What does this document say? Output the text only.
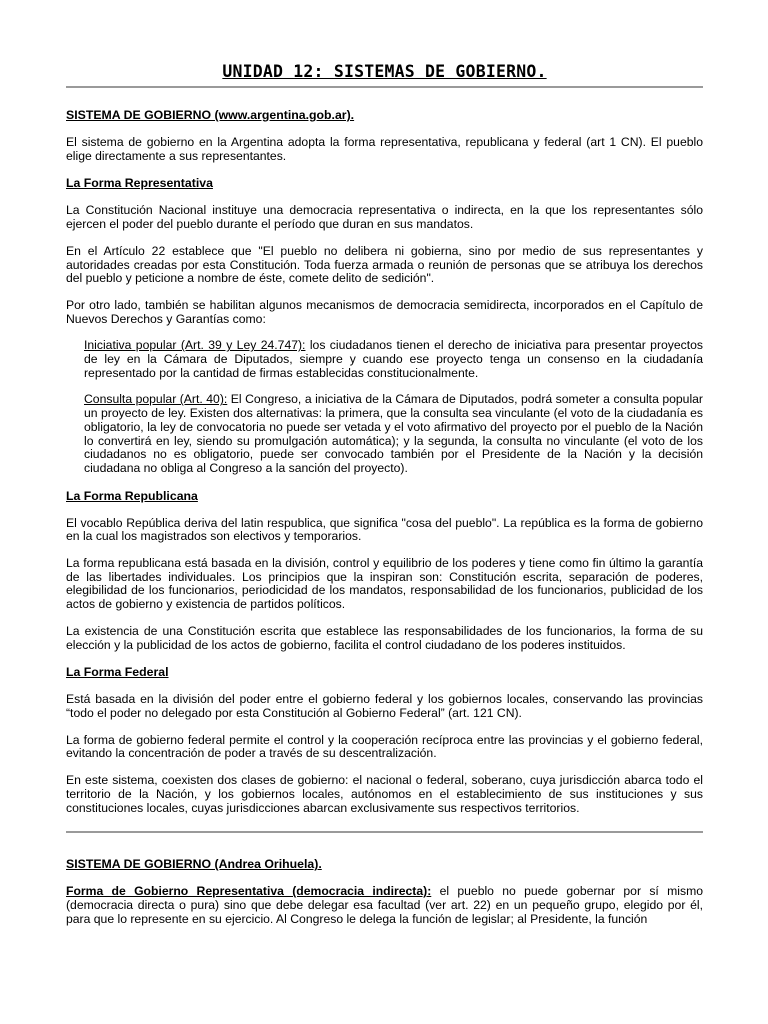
UNIDAD 12: SISTEMAS DE GOBIERNO.
SISTEMA DE GOBIERNO (www.argentina.gob.ar).

El sistema de gobierno en la Argentina adopta la forma representativa, republicana y federal (art 1 CN). El pueblo elige directamente a sus representantes.

La Forma Representativa

La Constitución Nacional instituye una democracia representativa o indirecta, en la que los representantes sólo ejercen el poder del pueblo durante el período que duran en sus mandatos.

En el Artículo 22 establece que "El pueblo no delibera ni gobierna, sino por medio de sus representantes y autoridades creadas por esta Constitución. Toda fuerza armada o reunión de personas que se atribuya los derechos del pueblo y peticione a nombre de éste, comete delito de sedición".

Por otro lado, también se habilitan algunos mecanismos de democracia semidirecta, incorporados en el Capítulo de Nuevos Derechos y Garantías como:

Iniciativa popular (Art. 39 y Ley 24.747): los ciudadanos tienen el derecho de iniciativa para presentar proyectos de ley en la Cámara de Diputados, siempre y cuando ese proyecto tenga un consenso en la ciudadanía representado por la cantidad de firmas establecidas constitucionalmente.

Consulta popular (Art. 40): El Congreso, a iniciativa de la Cámara de Diputados, podrá someter a consulta popular un proyecto de ley. Existen dos alternativas: la primera, que la consulta sea vinculante (el voto de la ciudadanía es obligatorio, la ley de convocatoria no puede ser vetada y el voto afirmativo del proyecto por el pueblo de la Nación lo convertirá en ley, siendo su promulgación automática); y la segunda, la consulta no vinculante (el voto de los ciudadanos no es obligatorio, puede ser convocado también por el Presidente de la Nación y la decisión ciudadana no obliga al Congreso a la sanción del proyecto).

La Forma Republicana

El vocablo República deriva del latin respublica, que significa "cosa del pueblo". La república es la forma de gobierno en la cual los magistrados son electivos y temporarios.

La forma republicana está basada en la división, control y equilibrio de los poderes y tiene como fin último la garantía de las libertades individuales. Los principios que la inspiran son: Constitución escrita, separación de poderes, elegibilidad de los funcionarios, periodicidad de los mandatos, responsabilidad de los funcionarios, publicidad de los actos de gobierno y existencia de partidos políticos.

La existencia de una Constitución escrita que establece las responsabilidades de los funcionarios, la forma de su elección y la publicidad de los actos de gobierno, facilita el control ciudadano de los poderes instituidos.

La Forma Federal

Está basada en la división del poder entre el gobierno federal y los gobiernos locales, conservando las provincias “todo el poder no delegado por esta Constitución al Gobierno Federal” (art. 121 CN).

La forma de gobierno federal permite el control y la cooperación recíproca entre las provincias y el gobierno federal, evitando la concentración de poder a través de su descentralización.

En este sistema, coexisten dos clases de gobierno: el nacional o federal, soberano, cuya jurisdicción abarca todo el territorio de la Nación, y los gobiernos locales, autónomos en el establecimiento de sus instituciones y sus constituciones locales, cuyas jurisdicciones abarcan exclusivamente sus respectivos territorios.

SISTEMA DE GOBIERNO (Andrea Orihuela).

Forma de Gobierno Representativa (democracia indirecta): el pueblo no puede gobernar por sí mismo (democracia directa o pura) sino que debe delegar esa facultad (ver art. 22) en un pequeño grupo, elegido por él, para que lo represente en su ejercicio. Al Congreso le delega la función de legislar; al Presidente, la función
